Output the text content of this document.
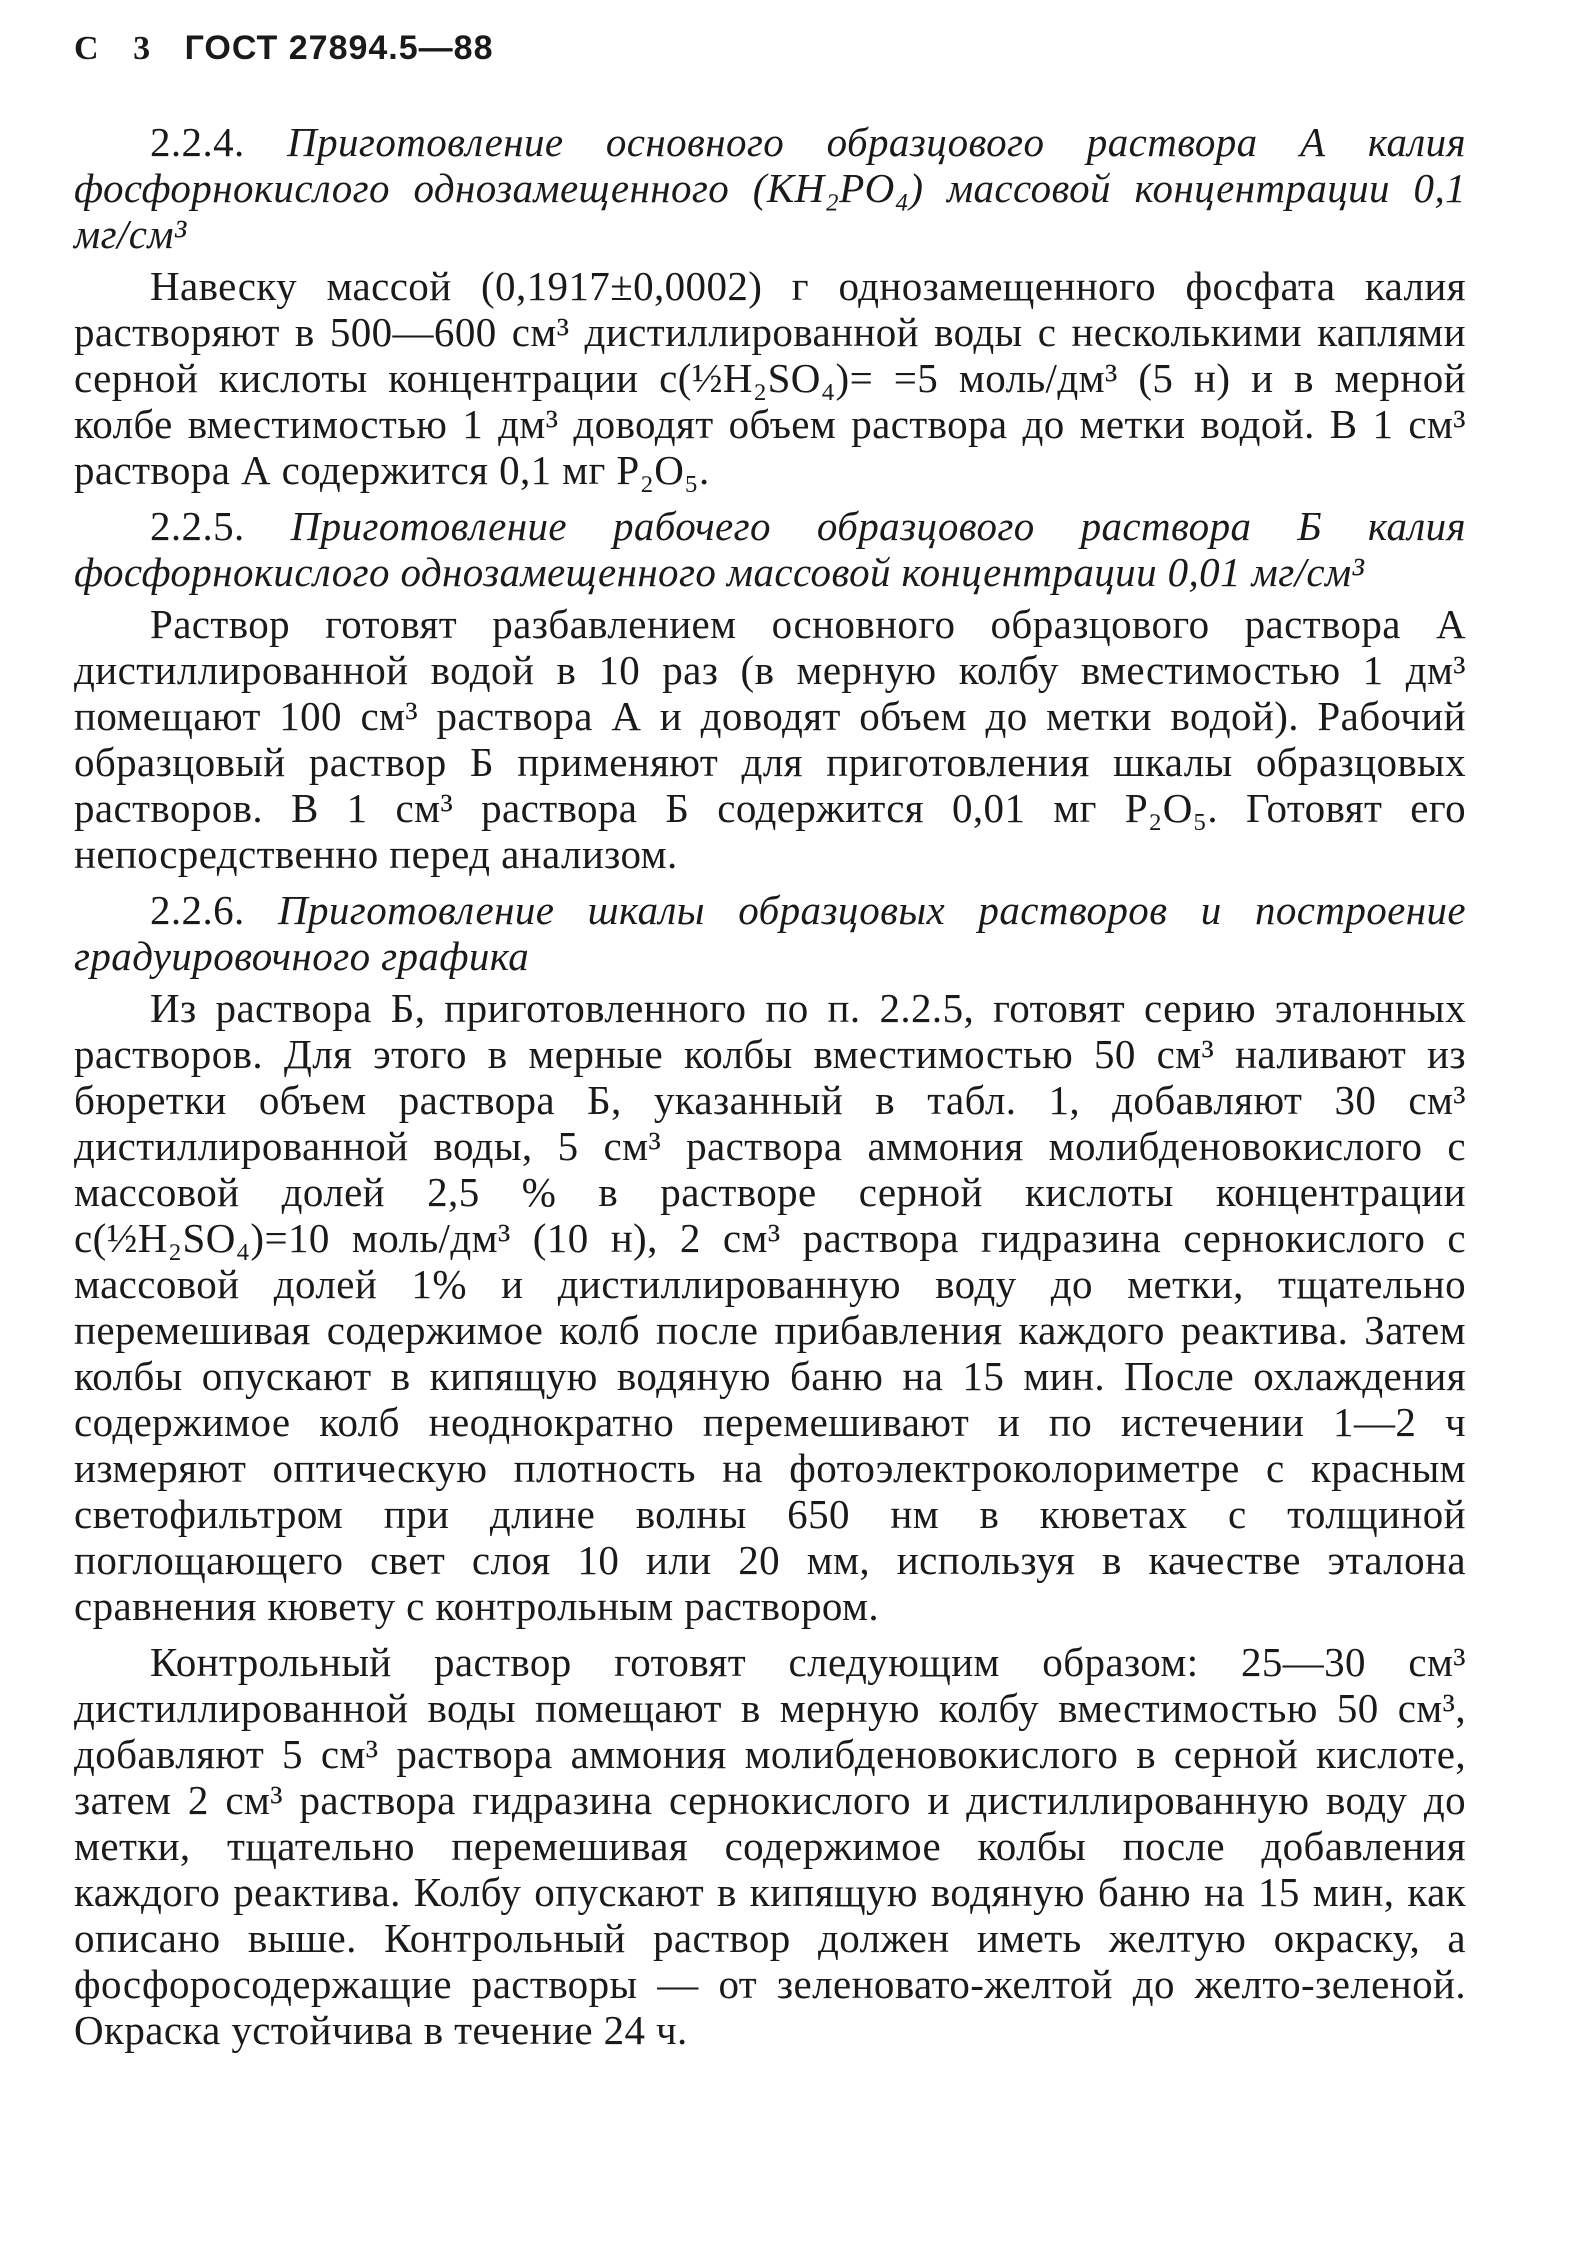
С 3 ГОСТ 27894.5—88

2.2.4. Приготовление основного образцового раствора А калия фосфорнокислого однозамещенного (KH₂PO₄) массовой концентрации 0,1 мг/см³

Навеску массой (0,1917±0,0002) г однозамещенного фосфата калия растворяют в 500—600 см³ дистиллированной воды с несколькими каплями серной кислоты концентрации c(½H₂SO₄)= =5 моль/дм³ (5 н) и в мерной колбе вместимостью 1 дм³ доводят объем раствора до метки водой. В 1 см³ раствора А содержится 0,1 мг P₂O₅.

2.2.5. Приготовление рабочего образцового раствора Б калия фосфорнокислого однозамещенного массовой концентрации 0,01 мг/см³

Раствор готовят разбавлением основного образцового раствора А дистиллированной водой в 10 раз (в мерную колбу вместимостью 1 дм³ помещают 100 см³ раствора А и доводят объем до метки водой). Рабочий образцовый раствор Б применяют для приготовления шкалы образцовых растворов. В 1 см³ раствора Б содержится 0,01 мг P₂O₅. Готовят его непосредственно перед анализом.

2.2.6. Приготовление шкалы образцовых растворов и построение градуировочного графика

Из раствора Б, приготовленного по п. 2.2.5, готовят серию эталонных растворов. Для этого в мерные колбы вместимостью 50 см³ наливают из бюретки объем раствора Б, указанный в табл. 1, добавляют 30 см³ дистиллированной воды, 5 см³ раствора аммония молибденовокислого с массовой долей 2,5 % в растворе серной кислоты концентрации c(½H₂SO₄)=10 моль/дм³ (10 н), 2 см³ раствора гидразина сернокислого с массовой долей 1% и дистиллированную воду до метки, тщательно перемешивая содержимое колб после прибавления каждого реактива. Затем колбы опускают в кипящую водяную баню на 15 мин. После охлаждения содержимое колб неоднократно перемешивают и по истечении 1—2 ч измеряют оптическую плотность на фотоэлектроколориметре с красным светофильтром при длине волны 650 нм в кюветах с толщиной поглощающего свет слоя 10 или 20 мм, используя в качестве эталона сравнения кювету с контрольным раствором.

Контрольный раствор готовят следующим образом: 25—30 см³ дистиллированной воды помещают в мерную колбу вместимостью 50 см³, добавляют 5 см³ раствора аммония молибденовокислого в серной кислоте, затем 2 см³ раствора гидразина сернокислого и дистиллированную воду до метки, тщательно перемешивая содержимое колбы после добавления каждого реактива. Колбу опускают в кипящую водяную баню на 15 мин, как описано выше. Контрольный раствор должен иметь желтую окраску, а фосфоросодержащие растворы — от зеленовато-желтой до желто-зеленой. Окраска устойчива в течение 24 ч.
